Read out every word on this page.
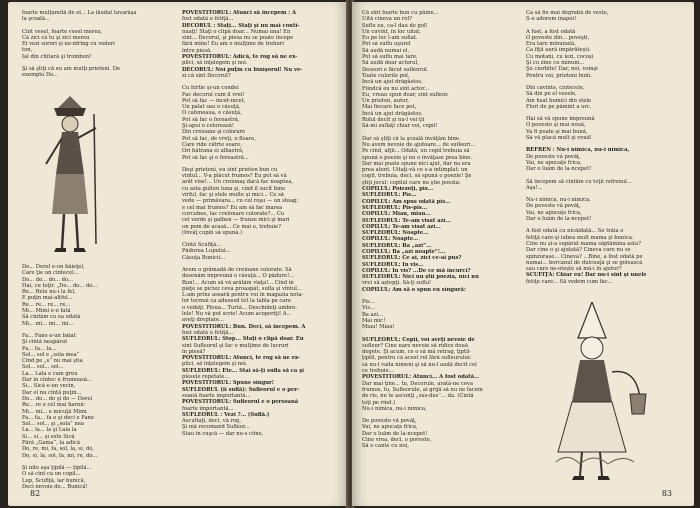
foarte mulţumită de el... La lăudat tavarăşa

la şcoală...

Cînt vesel, foarte vesel mereu,

Că zici că tu şi zici mereu

Ei vezi surori şi ne-nfrîng cu vederi

ton,

Ial din chitară şi trombon!

Şi să ştiţi că eu am mulţi prieteni. De

exemplu Do...

Do... Dorel e-un băieţel,

Care ţie un cintecel...

Do... do... do... do...

Hai, cu toţii: „Do... do... do...

Re... Relu nu-i la fel,

E puţin mai-altfel...

Re... re... re... re...

Mi... Mimi e-o fată

Să cîntăm cu ea odată

Mi... mi... mi... mi...

Fa... Fane e-un băiat

Şi cîntă neapărat

Fa... fa... la...

Sol... sol e „sola mea“

Cînd pe „s“ nu mai ştia

Sol... sol... sol...

La... Lala e cam greu

Dar în cîntec e frumoasă...

Si... Sică e-un vecin,

Dar el nu cîntă puţin...

Do... do... do şi do — Dorel

Re... re e cel mai harnic

Mi... mi... e micuţă Mimi

Fa... fa... fa e şi deci e Fane

Sol... sol... şi „sola“ nea

La... la... la şi Lala la

Si... si... şi este Sică

Fără „Gama“, la adică

Do, re, mi, fa, sol, la, si, do,

Do, si, la, sol, fa, mi, re, do...

Şi nite aşa ţipilă — ţipilă...

O să cînt ca un copil...

Lup, Scufiţă, iar bunică,

Deci nevoie de... Bunică!

POVESTITORUL: Atunci să începem : A

fost odată o fetiţă...

DECORUL : Staţi... Staţi şi nu mai conti-

nuaţi! Staţi o clipă doar... Numai una! En

sînt... Decorul, şi piesa nu se poate începe

fără mine! Eu am o mulţime de treburi

între piesă.

POVESTITORUL: Adică, te rog să ne ex-

plici, să înţelegem şi noi.

DECORUL: Noi puţin cu binişorul! Nu ve-

zi că sînt Decorul?

Cu hîrtie şi-un condei

Fac decorul cum îl vrei!

Pot să fac — încet-încet,

Un palat sau o căsuţă,

O cafeneaua, o căsuţă,

Pot să fac o fereastră,

Şi-apoi o colorează!

Din creioane şi colorare

Pot să fac, de vreţi, o floare,

Care ride cătrte soare,

Ori bătrana ei albastră,

Pot să fac şi o fereastră...

Deşi prieteni, eu sînt prieten bun cu

vîntul... V-a plăcut frumos? Eu pot să vă

arăt vise!... Un creionaş dacă fac noaptea,

cu asta gulten luna şi, cînd îl sucit bine

vîrful, fac şi stele multe şi mici... Ce să

vede — primăvara... cu cel roşu — un steag;

e cel mai frumos? Eu am să fac marea

curcubee, lac creionare colorate?... Cu

cel verde şi galben — frunze mici şi mari

un pom de acasă... Ce mai e, trebuie?

(Învăţ copiii să spună.)

Cîntă Scufiţă...

Pădurea Lupului...

Căsuţa Bunicii...

Avem o grămadă de creioane colorate. Să

desenăm împreună o căsuţă... O pădure!...

Bun!... Acum să vă arătăm viaţa!... Cînd în

pieţe se pictez ceva proaspăt, sufla şi vîntul...

L-am prins aseară pentru voi în magazia nota-

lor tocmai ca adusesd tot la tabla pe care

o vedeţi. Ploua... Turtă... Deschideţi umbre-

lele! Nu vă pot scrie! Acum acoperiţi! A...

aveţi dreptate...

POVESTITORUL: Bun. Deci, să începem. A

fost odată o fetiţă...

SUFLEORUL: Stop... Staţi o clipă doar. Eu

sînt Sufleorul şi fac o mulţime de lucruri

în piesă?

POVESTITORUL: Atunci, te rog să ne ex-

plici, să înţelegem şi noi.

SUFLEORUL: Ete... Stai să-ţi sufla să ca şi

piesele repetate...

POVESTITORUL: Spune singur!

SUFLEORUL (îi suflă): Sufleorul e o per-

soană foarte importantă...

POVESTITORUL: Sufleorul e o persoană

foarte importantă...

SUFLEORUL : Vezi ?... (Suflă.)

Ascultaţi, deci, vă rog,

Şi mă recomand Sufleor...

Stau în cuşcă — dar nu-s cîine,

82

Că sînt foarte bun cu păine...

Uită cineva un rol?

Suflu eu, ca-l dau de gol!

Un cuvînt, în loc uitat,

Eu pe loc l-am suflat.

Pot să suflu uşurel

Să audă numai el.

Pot să suflu mai tare,

Să audă doar actorul,

Deseori e făcut sufleorul.

Toate culorile pot,

Încă un ajut drăgăstos,

Fiindcă eu nu sînt actor...

Eu, vreau spun doar, sînt sufleor.

Un prieten, autor,

Mai fiecare face pot,

Încă un ajut drăgăstos,

Rolul decît şi nu-l vei ţii

Să-mi suflaţi chiar voi, copii!

Dar să ştiţi că la şcoală învăţăm bine.

Nu avem nevoie de ajutoare... de sufleori...

Pe cînd, alţii... Odată, un copil trebuia să

spună o poezie şi nu o învăţase prea bine.

Dar mai poate spune nici ajut, dar nu era

prea atent. Uitaţi-vă ce s-a întîmplat: un

copil, trebuia, deci, să spună o poezie! Şe

ştiţi jocul: copilul care nu ştie poezia:

COPILUL: Poiezoţi, pis...

SUFLEORUL: Pis...

COPILUL: Am spus odată pis...

SUFLEORUL: Pis-pis...

COPILUL: Miau, miau...

SUFLEORUL: Te-am visat azi...

COPILUL: Te-am visat azi...

SUFLEORUL: Noapte...

COPILUL: Noapte...

SUFLEORUL: Ba „azi“...

COPILUL: Ba „azi noapte“!...

SUFLEORUL: Ce ai, zici ce-ai pus?

SUFLEORUL: În vis...

COPILUL: În vis? ...De ce mă încurci?

SUFLEORUL: Nici nu ştii poezia, nici nu

vrei să aştepţi. Să-ţi suflu!

COPILUL: Am să o spun eu singură:

Pis...

Vis...

Ba azi...

Mai mic!

Miau! Miau!

SUFLEORUL: Copii, voi aveţi nevoie de

sufleur? Cine nare nevoie să ridice două

degete. Şi acum, ce o să mă retrag, ţiptil-

ţiptil, pentru că acest rol fără sufleurului:

să nu-l vada nimeni şi să nu-l audă decît cel

ce trebuie...

POVESTITORUL: Atunci... A fost odată...

Dar mai ţine... tu, Decorule, arată-ne ceva

frumos, tu, Sufleorule, ai grijă să nu ne facem

de rîs, nu te ascunţi „sus-dus“... da. (Cîntă

toţi pe rînd.)

Nu-i nimica, nu-i nimica,

De poveste vă povăţ,

Vai, ne apucaţe frica,

Dar o luăm de la-ncepet!

Cine vrea, deci, o poveste,

Să o cante cu noi,

Ca să fie mai degrabă de veste,

S-o adorem înapoi!

A fost, a fost odată

O poveste din... poveşti,

Era tare minunată,

Ca fiţii aură împărăteşti.

Cu motani, cu iezi, cocoşi

Şi cu zîne cu minuni...

Şu ciorbite! Dar, noi, voinşi

Pentru voi, prieteni buni.

Din cavinte, ciutecele,

Să din pe el vesele,

Am hsat bumici din stele

Flori de pe pămînt a urc.

Hai să vă spune împreună

O poveste şi mai nouă,

Va fi poate şi mai bună,

Să vă placă mult şi vouă!

REFREN : Nu-i nimica, nu-i nimica,

De poveste vă povăţ,

Vai, ne apucaţe frica,

Dar o luăm de la-ncepet!

Să începem să cîntăm cu toţii refrenul...

Aşa!...

Nu-i nimica, nu-i nimica,

De poveste vă povăţ,

Vai, ne apucaţe frica,

Dar o luăm de la-ncepet!

A fost odată cu nicăidată... Se trăia o

fetiţă care-şi iubea mult mama şi bunica.

Cine nu şi-a supărat mama săptămîna asta?

Dar cine o şi ajutată? Cineva care nu se

spînzurase... Cineva? ...Bine, a fost odată pe

numai... borcanul de dulceaţă şi se golească

sau care ne-oteşte să mă-i în ajutor?

SCUFIŢA: Chiar eu! Dar nu-i sînt şi unele

fetiţe care... Să vedem cum fac...

83
